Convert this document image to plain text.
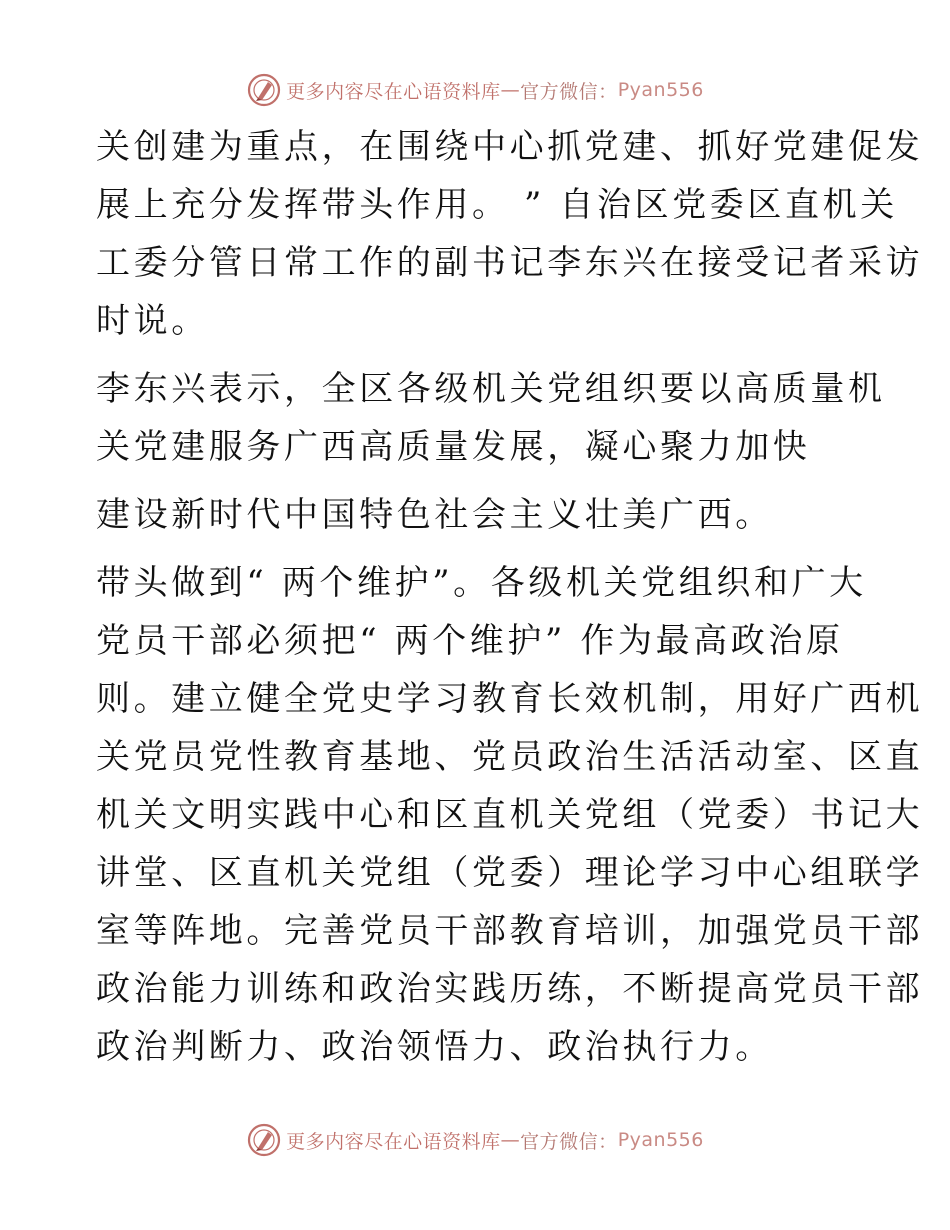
更多内容尽在心语资料库 — 官方微信： Pyan556
关创建为重点，在围绕中心抓党建、抓好党建促发
展上充分发挥带头作用。 ” 自治区党委区直机关
工委分管日常工作的副书记李东兴在接受记者采访
时说。
李东兴表示，全区各级机关党组织要以高质量机
关党建服务广西高质量发展，凝心聚力加快
建设新时代中国特色社会主义壮美广西。
带头做到“ 两个维护”。各级机关党组织和广大
党员干部必须把“ 两个维护” 作为最高政治原
则。建立健全党史学习教育长效机制，用好广西机
关党员党性教育基地、党员政治生活活动室、区直
机关文明实践中心和区直机关党组（党委）书记大
讲堂、区直机关党组（党委）理论学习中心组联学
室等阵地。完善党员干部教育培训，加强党员干部
政治能力训练和政治实践历练，不断提高党员干部
政治判断力、政治领悟力、政治执行力。
更多内容尽在心语资料库 — 官方微信： Pyan556
